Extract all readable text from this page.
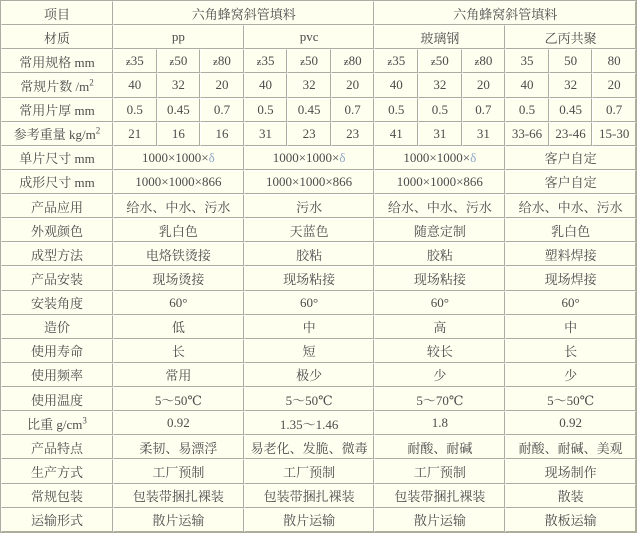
项目	六角蜂窝斜管填料						六角蜂窝斜管填料					
材质	pp			pvc			玻璃钢			乙丙共聚		
常用规格 mm	ƶ35	ƶ50	ƶ80	ƶ35	ƶ50	ƶ80	ƶ35	ƶ50	ƶ80	35	50	80
常规片数 $/m^2$	40	32	20	40	32	20	40	32	20	40	32	20
常用片厚 mm	0.5	0.45	0.7	0.5	0.45	0.7	0.5	0.5	0.7	0.5	0.45	0.7
参考重量 $kg/m^2$	21	16	16	31	23	23	41	31	31	33-66	23-46	15-30
单片尺寸 mm	1000×1000×δ			1000×1000×δ			1000×1000×δ			客户自定		
成形尺寸 mm	1000×1000×866			1000×1000×866			1000×1000×866			客户自定		
产品应用	给水、中水、污水			污水			给水、中水、污水			给水、中水、污水		
外观颜色	乳白色			天蓝色			随意定制			乳白色		
成型方法	电烙铁烫接			胶粘			胶粘			塑料焊接		
产品安装	现场烫接			现场粘接			现场粘接			现场焊接		
安装角度	60°			60°			60°			60°		
造价	低			中			高			中		
使用寿命	长			短			较长			长		
使用频率	常用			极少			少			少		
使用温度	5～50℃			5～50℃			5～70℃			5～50℃		
比重 $g/cm^3$	0.92			1.35～1.46			1.8			0.92		
产品特点	柔韧、易漂浮			易老化、发脆、微毒			耐酸、耐碱			耐酸、耐碱、美观		
生产方式	工厂预制			工厂预制			工厂预制			现场制作		
常规包装	包装带捆扎裸装			包装带捆扎裸装			包装带捆扎裸装			散装		
运输形式	散片运输			散片运输			散片运输			散板运输		
